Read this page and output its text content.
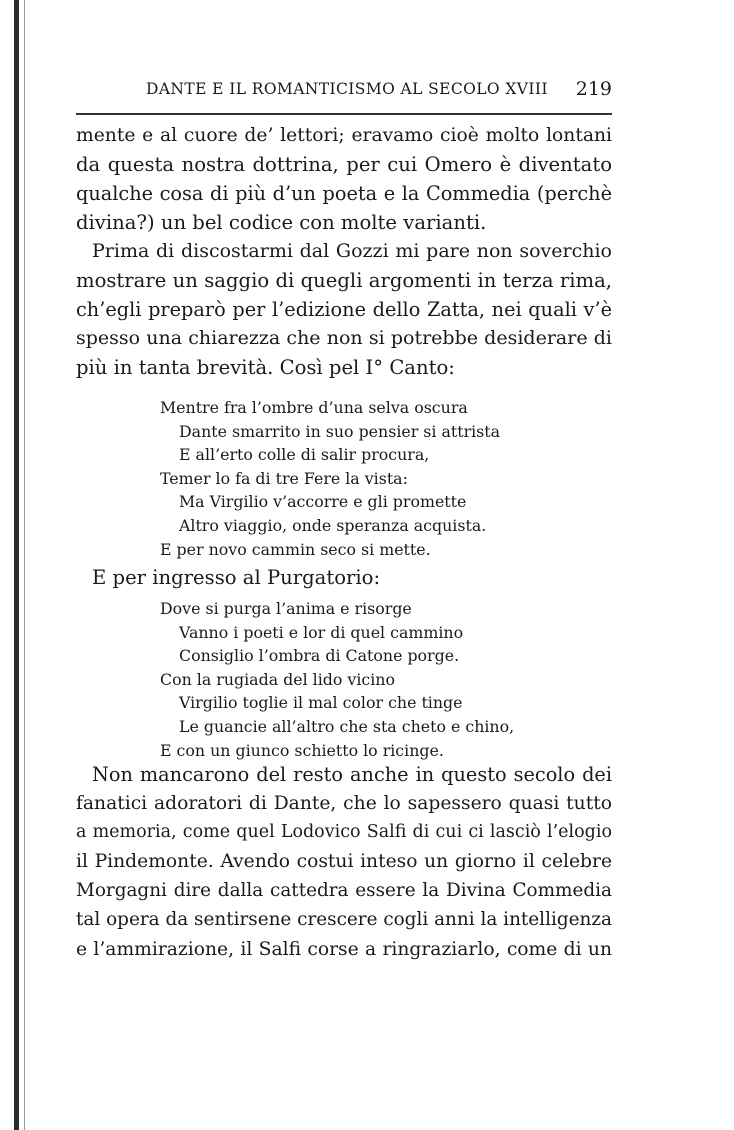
DANTE E IL ROMANTICISMO AL SECOLO XVIII 219
mente e al cuore de’ lettori; eravamo cioè molto lontani
da questa nostra dottrina, per cui Omero è diventato
qualche cosa di più d’un poeta e la Commedia (perchè
divina?) un bel codice con molte varianti.
Prima di discostarmi dal Gozzi mi pare non soverchio
mostrare un saggio di quegli argomenti in terza rima,
ch’egli preparò per l’edizione dello Zatta, nei quali v’è
spesso una chiarezza che non si potrebbe desiderare di
più in tanta brevità. Così pel I° Canto:
Mentre fra l’ombre d’una selva oscura
Dante smarrito in suo pensier si attrista
E all’erto colle di salir procura,
Temer lo fa di tre Fere la vista:
Ma Virgilio v’accorre e gli promette
Altro viaggio, onde speranza acquista.
E per novo cammin seco si mette.
E per ingresso al Purgatorio:
Dove si purga l’anima e risorge
Vanno i poeti e lor di quel cammino
Consiglio l’ombra di Catone porge.
Con la rugiada del lido vicino
Virgilio toglie il mal color che tinge
Le guancie all’altro che sta cheto e chino,
E con un giunco schietto lo ricinge.
Non mancarono del resto anche in questo secolo dei
fanatici adoratori di Dante, che lo sapessero quasi tutto
a memoria, come quel Lodovico Salfi di cui ci lasciò l’elogio
il Pindemonte. Avendo costui inteso un giorno il celebre
Morgagni dire dalla cattedra essere la Divina Commedia
tal opera da sentirsene crescere cogli anni la intelligenza
e l’ammirazione, il Salfi corse a ringraziarlo, come di un
